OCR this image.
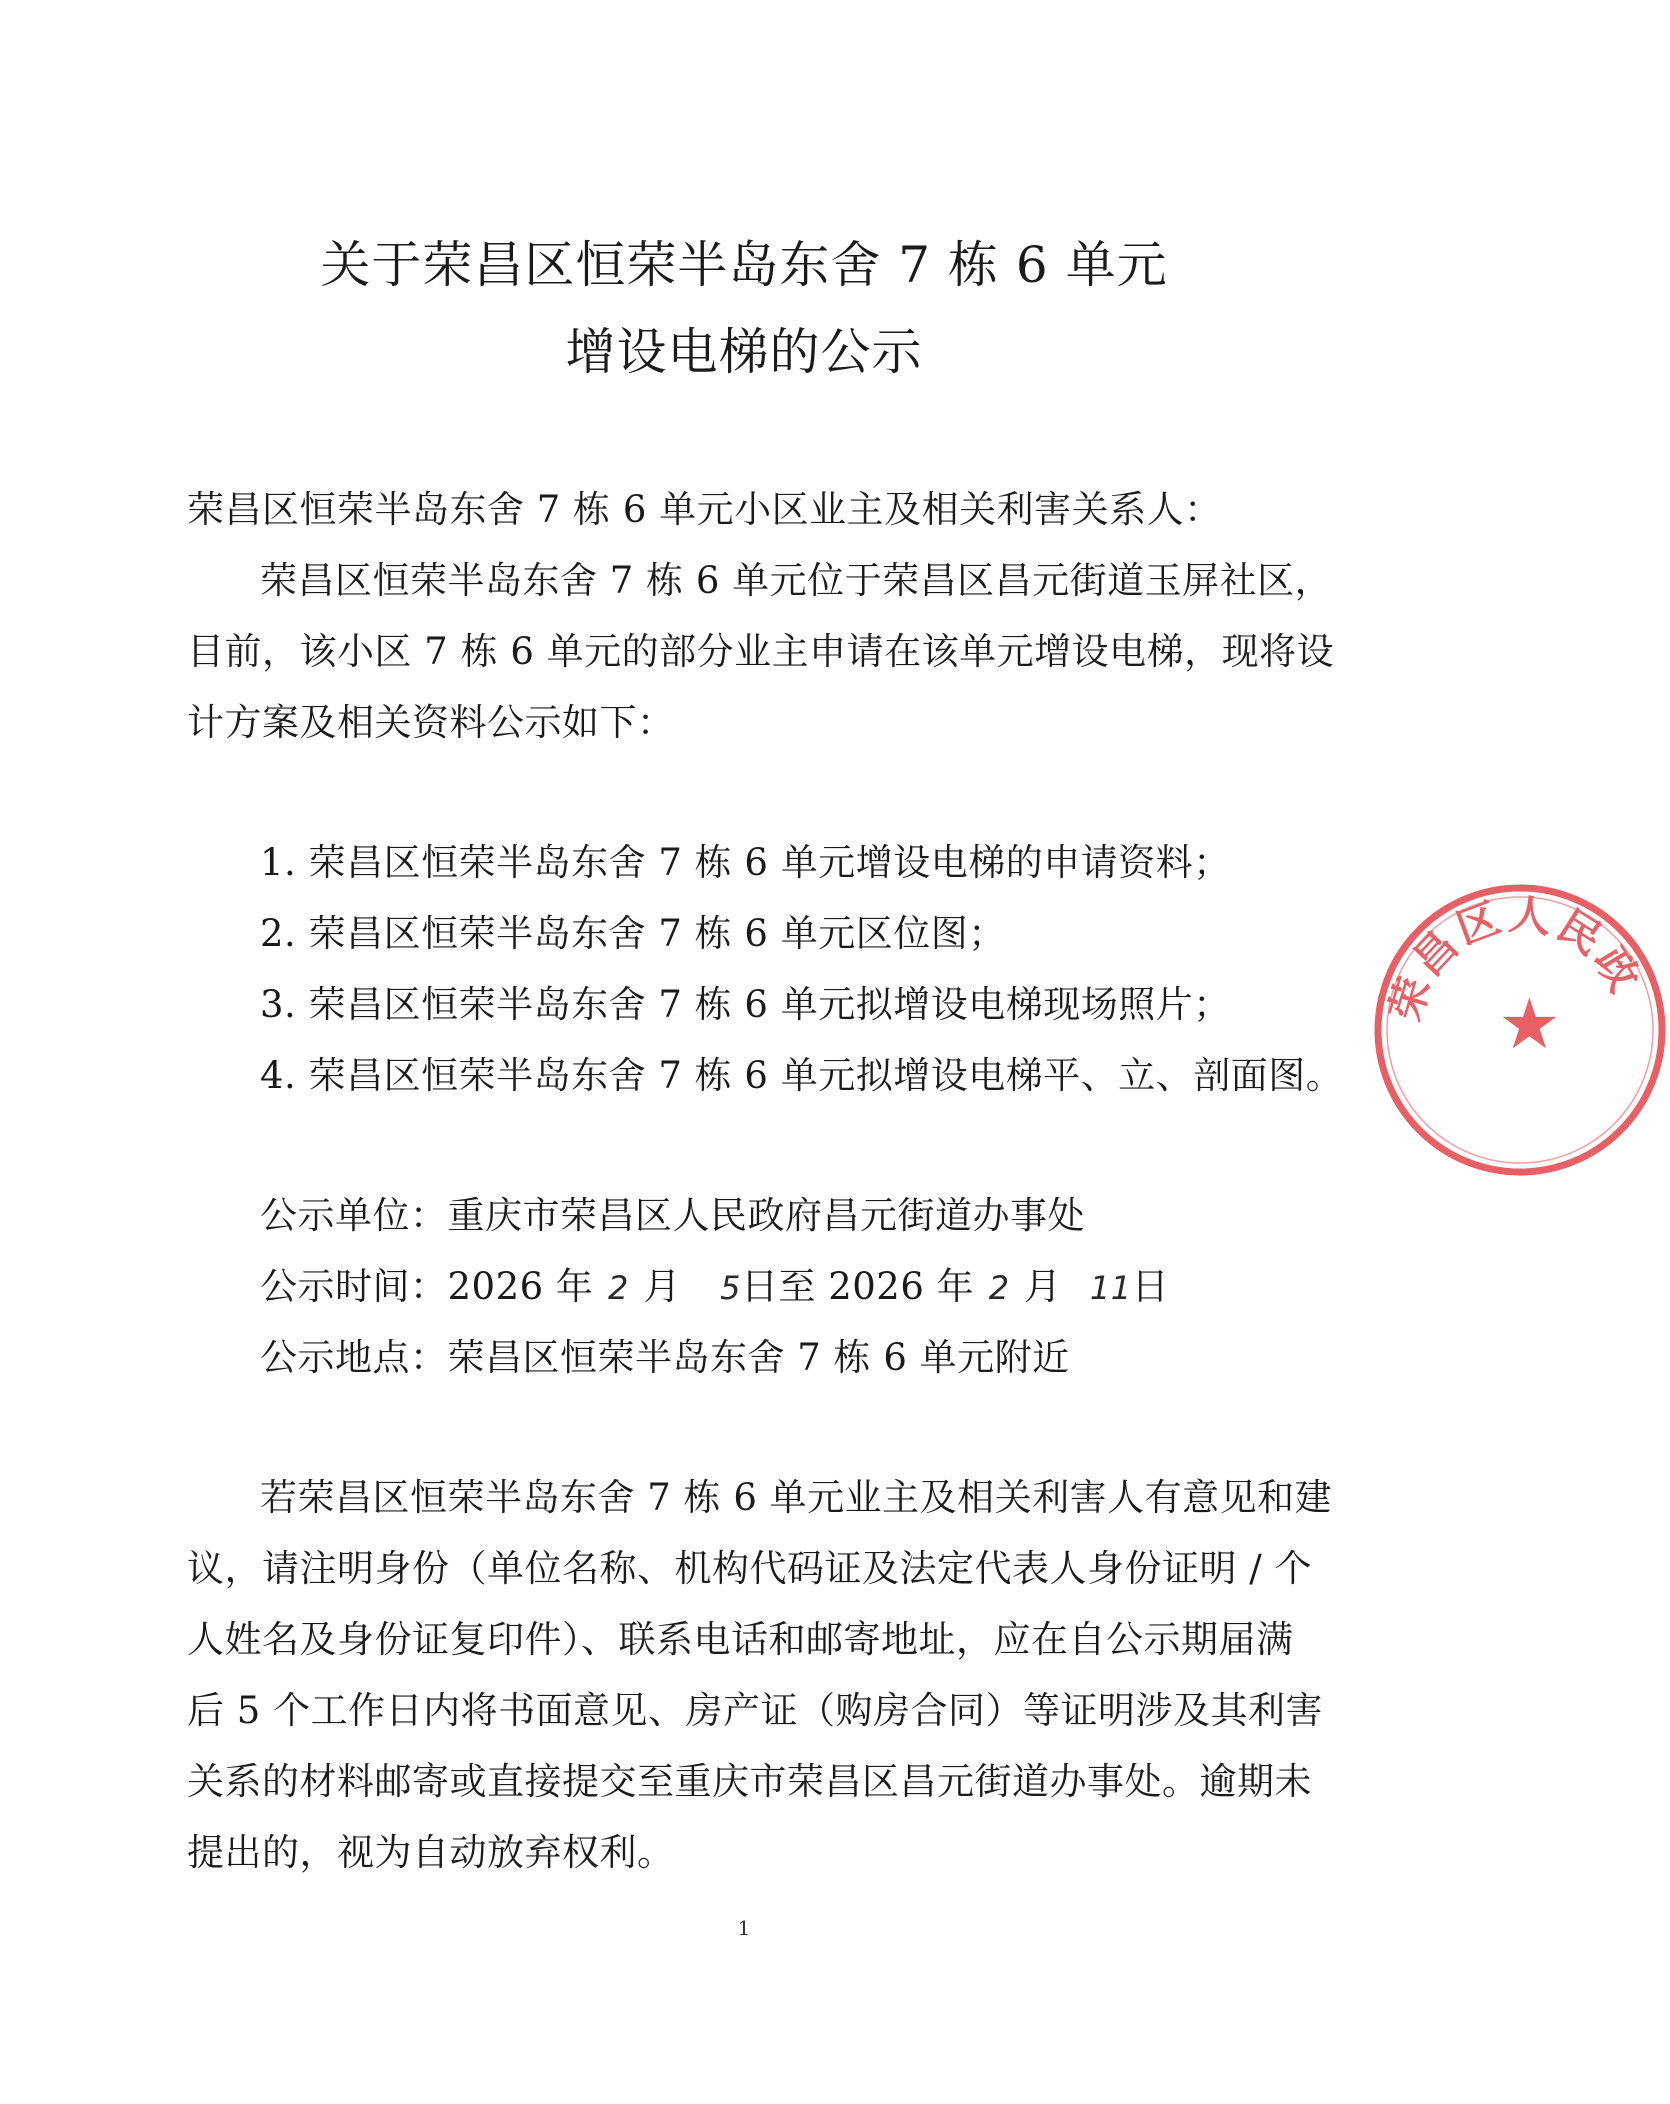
关于荣昌区恒荣半岛东舍 7 栋 6 单元
增设电梯的公示
荣昌区恒荣半岛东舍 7 栋 6 单元小区业主及相关利害关系人：
荣昌区恒荣半岛东舍 7 栋 6 单元位于荣昌区昌元街道玉屏社区，
目前，该小区 7 栋 6 单元的部分业主申请在该单元增设电梯，现将设
计方案及相关资料公示如下：
1. 荣昌区恒荣半岛东舍 7 栋 6 单元增设电梯的申请资料；
2. 荣昌区恒荣半岛东舍 7 栋 6 单元区位图；
3. 荣昌区恒荣半岛东舍 7 栋 6 单元拟增设电梯现场照片；
4. 荣昌区恒荣半岛东舍 7 栋 6 单元拟增设电梯平、立、剖面图。
公示单位：重庆市荣昌区人民政府昌元街道办事处
公示时间：2026 年 2 月 5日至 2026 年 2 月 11日
公示地点：荣昌区恒荣半岛东舍 7 栋 6 单元附近
若荣昌区恒荣半岛东舍 7 栋 6 单元业主及相关利害人有意见和建
议，请注明身份（单位名称、机构代码证及法定代表人身份证明 / 个
人姓名及身份证复印件）、联系电话和邮寄地址，应在自公示期届满
后 5 个工作日内将书面意见、房产证（购房合同）等证明涉及其利害
关系的材料邮寄或直接提交至重庆市荣昌区昌元街道办事处。逾期未
提出的，视为自动放弃权利。
荣昌区人民政
★
1
